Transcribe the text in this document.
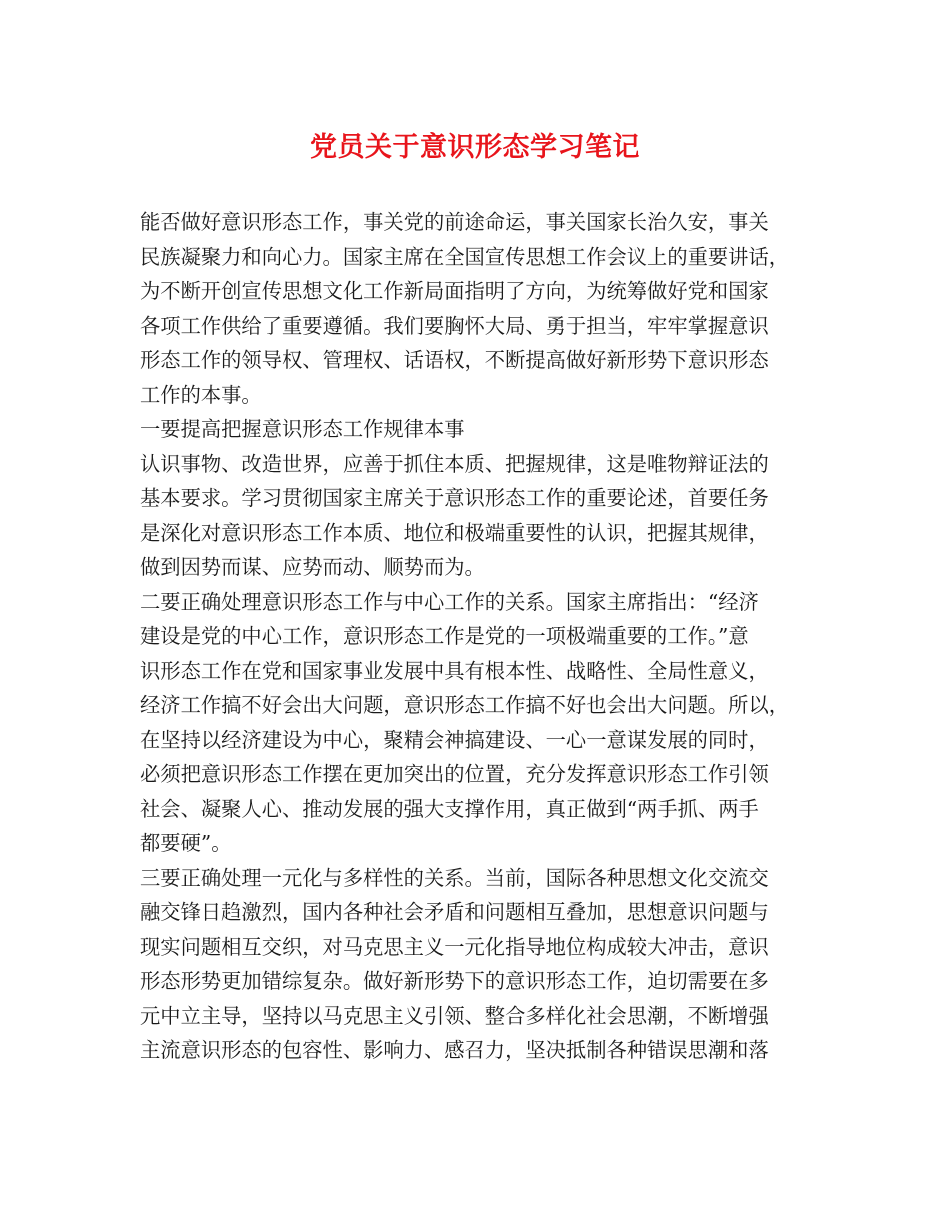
党员关于意识形态学习笔记
能否做好意识形态工作，事关党的前途命运，事关国家长治久安，事关
民族凝聚力和向心力。国家主席在全国宣传思想工作会议上的重要讲话，
为不断开创宣传思想文化工作新局面指明了方向，为统筹做好党和国家
各项工作供给了重要遵循。我们要胸怀大局、勇于担当，牢牢掌握意识
形态工作的领导权、管理权、话语权，不断提高做好新形势下意识形态
工作的本事。
一要提高把握意识形态工作规律本事
认识事物、改造世界，应善于抓住本质、把握规律，这是唯物辩证法的
基本要求。学习贯彻国家主席关于意识形态工作的重要论述，首要任务
是深化对意识形态工作本质、地位和极端重要性的认识，把握其规律，
做到因势而谋、应势而动、顺势而为。
二要正确处理意识形态工作与中心工作的关系。国家主席指出：“经济
建设是党的中心工作，意识形态工作是党的一项极端重要的工作。”意
识形态工作在党和国家事业发展中具有根本性、战略性、全局性意义，
经济工作搞不好会出大问题，意识形态工作搞不好也会出大问题。所以，
在坚持以经济建设为中心，聚精会神搞建设、一心一意谋发展的同时，
必须把意识形态工作摆在更加突出的位置，充分发挥意识形态工作引领
社会、凝聚人心、推动发展的强大支撑作用，真正做到“两手抓、两手
都要硬”。
三要正确处理一元化与多样性的关系。当前，国际各种思想文化交流交
融交锋日趋激烈，国内各种社会矛盾和问题相互叠加，思想意识问题与
现实问题相互交织，对马克思主义一元化指导地位构成较大冲击，意识
形态形势更加错综复杂。做好新形势下的意识形态工作，迫切需要在多
元中立主导，坚持以马克思主义引领、整合多样化社会思潮，不断增强
主流意识形态的包容性、影响力、感召力，坚决抵制各种错误思潮和落
